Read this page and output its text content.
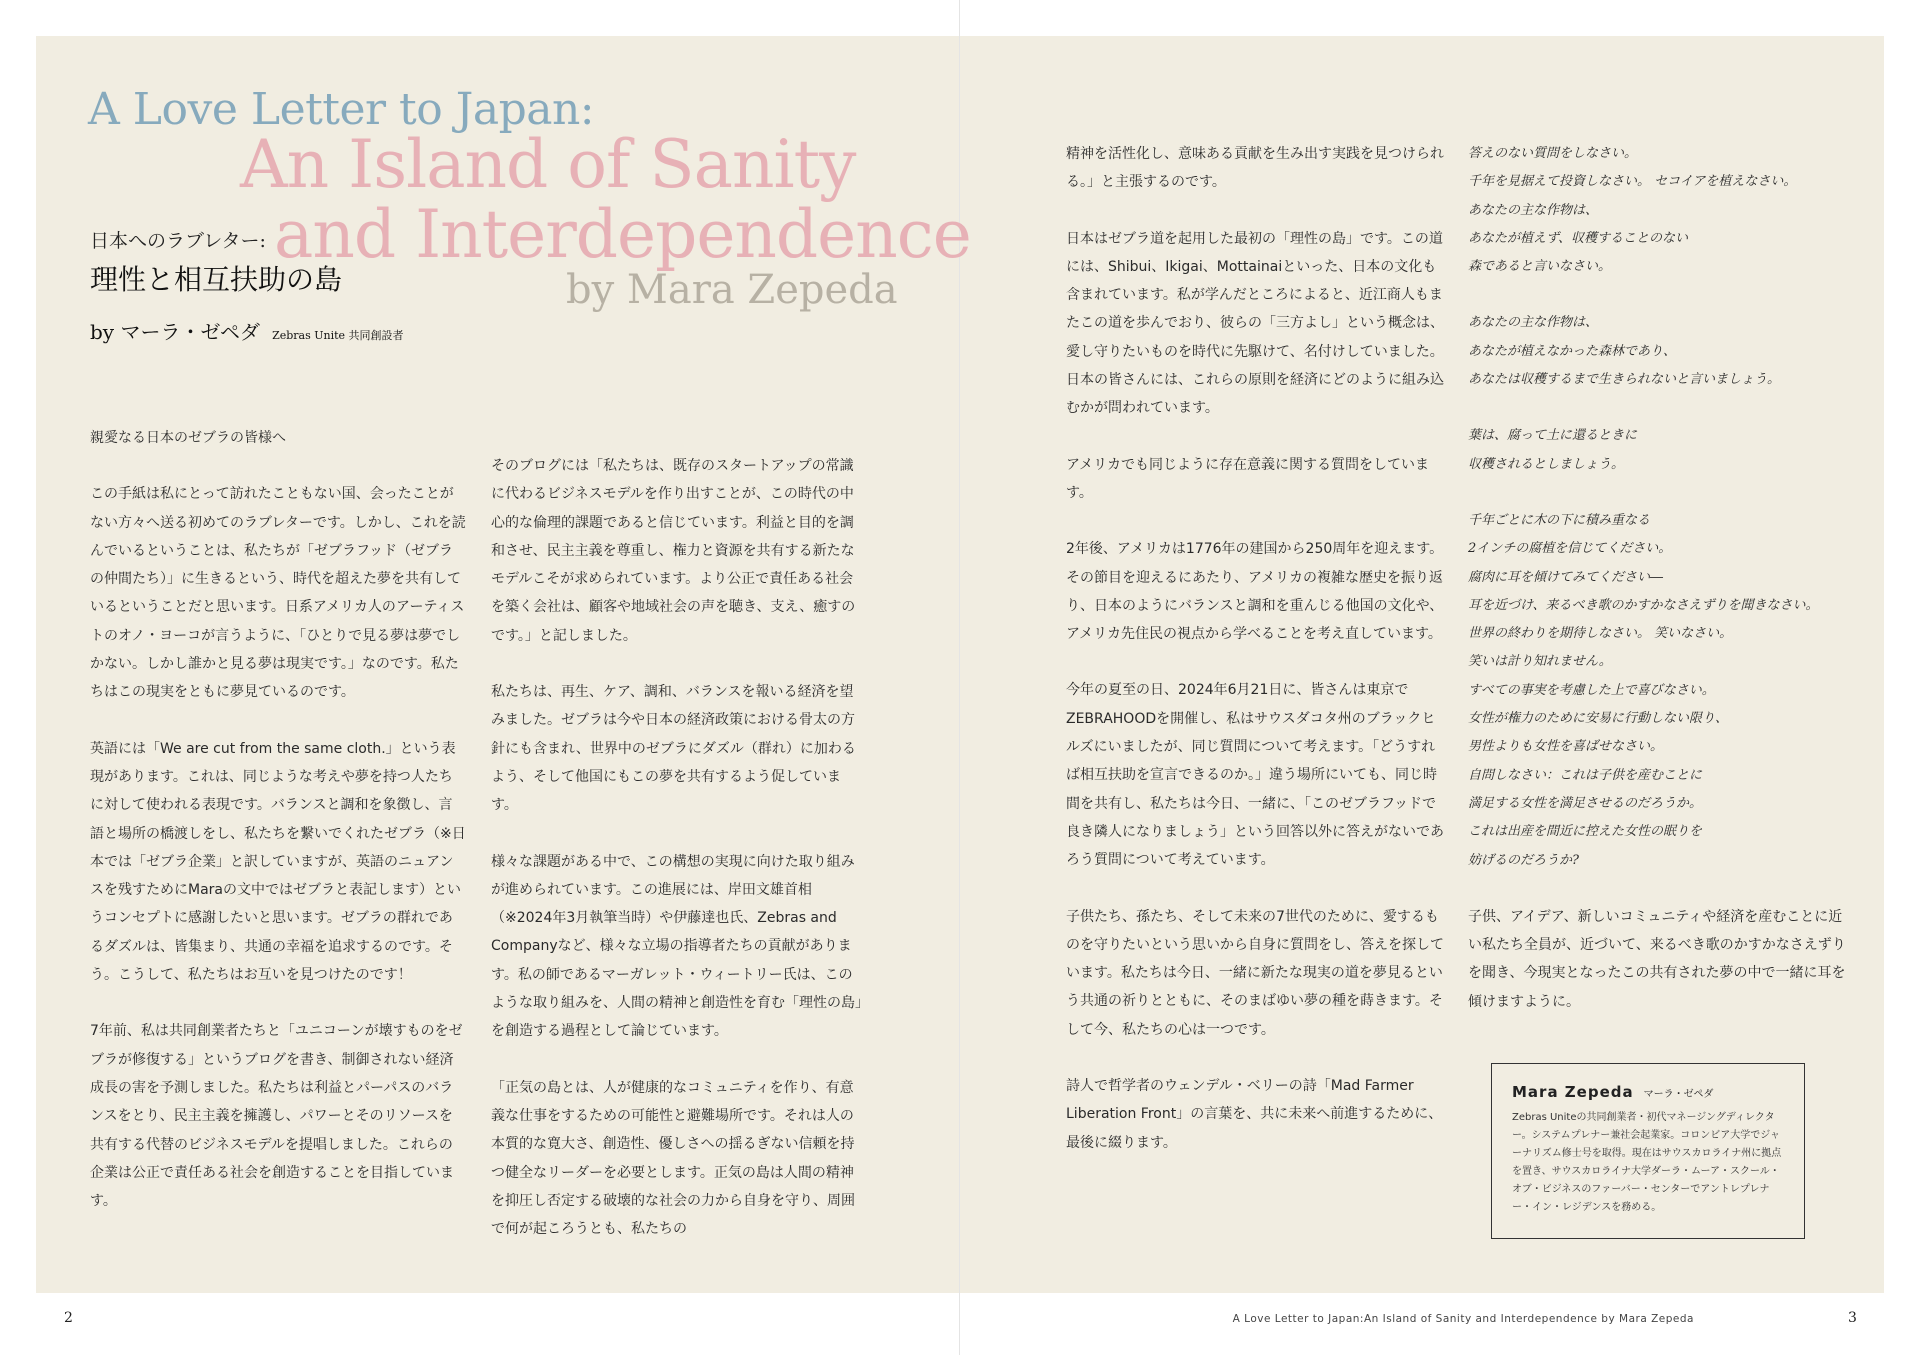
A Love Letter to Japan:
An Island of Sanity
and Interdependence
by Mara Zepeda
日本へのラブレター:
理性と相互扶助の島
by マーラ・ゼペダ Zebras Unite 共同創設者

親愛なる日本のゼブラの皆様へ

この手紙は私にとって訪れたこともない国、会ったことがない方々へ送る初めてのラブレターです。しかし、これを読んでいるということは、私たちが「ゼブラフッド（ゼブラの仲間たち）」に生きるという、時代を超えた夢を共有しているということだと思います。日系アメリカ人のアーティストのオノ・ヨーコが言うように、「ひとりで見る夢は夢でしかない。しかし誰かと見る夢は現実です。」なのです。私たちはこの現実をともに夢見ているのです。

英語には「We are cut from the same cloth.」という表現があります。これは、同じような考えや夢を持つ人たちに対して使われる表現です。バランスと調和を象徴し、言語と場所の橋渡しをし、私たちを繋いでくれたゼブラ（※日本では「ゼブラ企業」と訳していますが、英語のニュアンスを残すためにMaraの文中ではゼブラと表記します）というコンセプトに感謝したいと思います。ゼブラの群れであるダズルは、皆集まり、共通の幸福を追求するのです。そう。こうして、私たちはお互いを見つけたのです！

7年前、私は共同創業者たちと「ユニコーンが壊すものをゼブラが修復する」というブログを書き、制御されない経済成長の害を予測しました。私たちは利益とパーパスのバランスをとり、民主主義を擁護し、パワーとそのリソースを共有する代替のビジネスモデルを提唱しました。これらの企業は公正で責任ある社会を創造することを目指しています。

そのブログには「私たちは、既存のスタートアップの常識に代わるビジネスモデルを作り出すことが、この時代の中心的な倫理的課題であると信じています。利益と目的を調和させ、民主主義を尊重し、権力と資源を共有する新たなモデルこそが求められています。より公正で責任ある社会を築く会社は、顧客や地域社会の声を聴き、支え、癒すのです。」と記しました。

私たちは、再生、ケア、調和、バランスを報いる経済を望みました。ゼブラは今や日本の経済政策における骨太の方針にも含まれ、世界中のゼブラにダズル（群れ）に加わるよう、そして他国にもこの夢を共有するよう促しています。

様々な課題がある中で、この構想の実現に向けた取り組みが進められています。この進展には、岸田文雄首相（※2024年3月執筆当時）や伊藤達也氏、Zebras and Companyなど、様々な立場の指導者たちの貢献があります。私の師であるマーガレット・ウィートリー氏は、このような取り組みを、人間の精神と創造性を育む「理性の島」を創造する過程として論じています。

「正気の島とは、人が健康的なコミュニティを作り、有意義な仕事をするための可能性と避難場所です。それは人の本質的な寛大さ、創造性、優しさへの揺るぎない信頼を持つ健全なリーダーを必要とします。正気の島は人間の精神を抑圧し否定する破壊的な社会の力から自身を守り、周囲で何が起ころうとも、私たちの

精神を活性化し、意味ある貢献を生み出す実践を見つけられる。」と主張するのです。

日本はゼブラ道を起用した最初の「理性の島」です。この道には、Shibui、Ikigai、Mottainaiといった、日本の文化も含まれています。私が学んだところによると、近江商人もまたこの道を歩んでおり、彼らの「三方よし」という概念は、愛し守りたいものを時代に先駆けて、名付けしていました。日本の皆さんには、これらの原則を経済にどのように組み込むかが問われています。

アメリカでも同じように存在意義に関する質問をしています。

2年後、アメリカは1776年の建国から250周年を迎えます。その節目を迎えるにあたり、アメリカの複雑な歴史を振り返り、日本のようにバランスと調和を重んじる他国の文化や、アメリカ先住民の視点から学べることを考え直しています。

今年の夏至の日、2024年6月21日に、皆さんは東京でZEBRAHOODを開催し、私はサウスダコタ州のブラックヒルズにいましたが、同じ質問について考えます。「どうすれば相互扶助を宣言できるのか。」違う場所にいても、同じ時間を共有し、私たちは今日、一緒に、「このゼブラフッドで良き隣人になりましょう」という回答以外に答えがないであろう質問について考えています。

子供たち、孫たち、そして未来の7世代のために、愛するものを守りたいという思いから自身に質問をし、答えを探しています。私たちは今日、一緒に新たな現実の道を夢見るという共通の祈りとともに、そのまばゆい夢の種を蒔きます。そして今、私たちの心は一つです。

詩人で哲学者のウェンデル・ベリーの詩「Mad Farmer Liberation Front」の言葉を、共に未来へ前進するために、最後に綴ります。

答えのない質問をしなさい。
千年を見据えて投資しなさい。 セコイアを植えなさい。
あなたの主な作物は、
あなたが植えず、収穫することのない
森であると言いなさい。

あなたの主な作物は、
あなたが植えなかった森林であり、
あなたは収穫するまで生きられないと言いましょう。

葉は、腐って土に還るときに
収穫されるとしましょう。

千年ごとに木の下に積み重なる
2インチの腐植を信じてください。
腐肉に耳を傾けてみてください―
耳を近づけ、来るべき歌のかすかなさえずりを聞きなさい。
世界の終わりを期待しなさい。 笑いなさい。
笑いは計り知れません。
すべての事実を考慮した上で喜びなさい。
女性が権力のために安易に行動しない限り、
男性よりも女性を喜ばせなさい。
自問しなさい：これは子供を産むことに
満足する女性を満足させるのだろうか。
これは出産を間近に控えた女性の眠りを
妨げるのだろうか?

子供、アイデア、新しいコミュニティや経済を産むことに近い私たち全員が、近づいて、来るべき歌のかすかなさえずりを聞き、今現実となったこの共有された夢の中で一緒に耳を傾けますように。

Mara Zepeda マーラ・ゼペダ
Zebras Uniteの共同創業者・初代マネージングディレクター。システムプレナー兼社会起業家。コロンビア大学でジャーナリズム修士号を取得。現在はサウスカロライナ州に拠点を置き、サウスカロライナ大学ダーラ・ムーア・スクール・オブ・ビジネスのファーバー・センターでアントレプレナー・イン・レジデンスを務める。
2	A Love Letter to Japan:An Island of Sanity and Interdependence by Mara Zepeda	3
